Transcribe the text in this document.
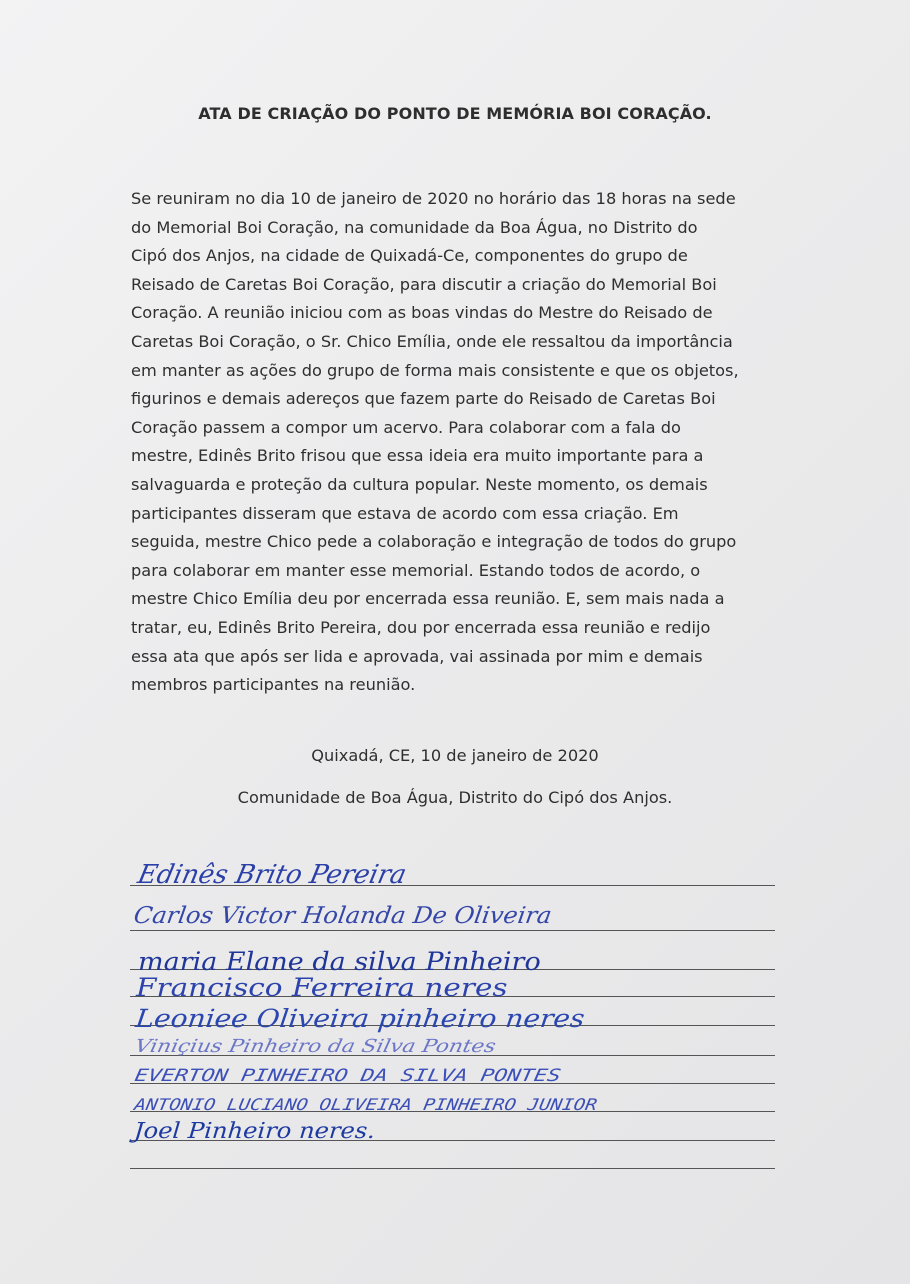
ATA DE CRIAÇÃO DO PONTO DE MEMÓRIA BOI CORAÇÃO.
Se reuniram no dia 10 de janeiro de 2020 no horário das 18 horas na sede
do Memorial Boi Coração, na comunidade da Boa Água, no Distrito do
Cipó dos Anjos, na cidade de Quixadá-Ce, componentes do grupo de
Reisado de Caretas Boi Coração, para discutir a criação do Memorial Boi
Coração. A reunião iniciou com as boas vindas do Mestre do Reisado de
Caretas Boi Coração, o Sr. Chico Emília, onde ele ressaltou da importância
em manter as ações do grupo de forma mais consistente e que os objetos,
figurinos e demais adereços que fazem parte do Reisado de Caretas Boi
Coração passem a compor um acervo. Para colaborar com a fala do
mestre, Edinês Brito frisou que essa ideia era muito importante para a
salvaguarda e proteção da cultura popular. Neste momento, os demais
participantes disseram que estava de acordo com essa criação. Em
seguida, mestre Chico pede a colaboração e integração de todos do grupo
para colaborar em manter esse memorial. Estando todos de acordo, o
mestre Chico Emília deu por encerrada essa reunião. E, sem mais nada a
tratar, eu, Edinês Brito Pereira, dou por encerrada essa reunião e redijo
essa ata que após ser lida e aprovada, vai assinada por mim e demais
membros participantes na reunião.
Quixadá, CE, 10 de janeiro de 2020
Comunidade de Boa Água, Distrito do Cipó dos Anjos.
Edinês Brito Pereira
Carlos Victor Holanda De Oliveira
maria Elane da silva Pinheiro
Francisco Ferreira neres
Leoniee Oliveira pinheiro neres
Viniçius Pinheiro da Silva Pontes
EVERTON PINHEIRO DA SILVA PONTES
ANTONIO LUCIANO OLIVEIRA PINHEIRO JUNIOR
Joel Pinheiro neres.
